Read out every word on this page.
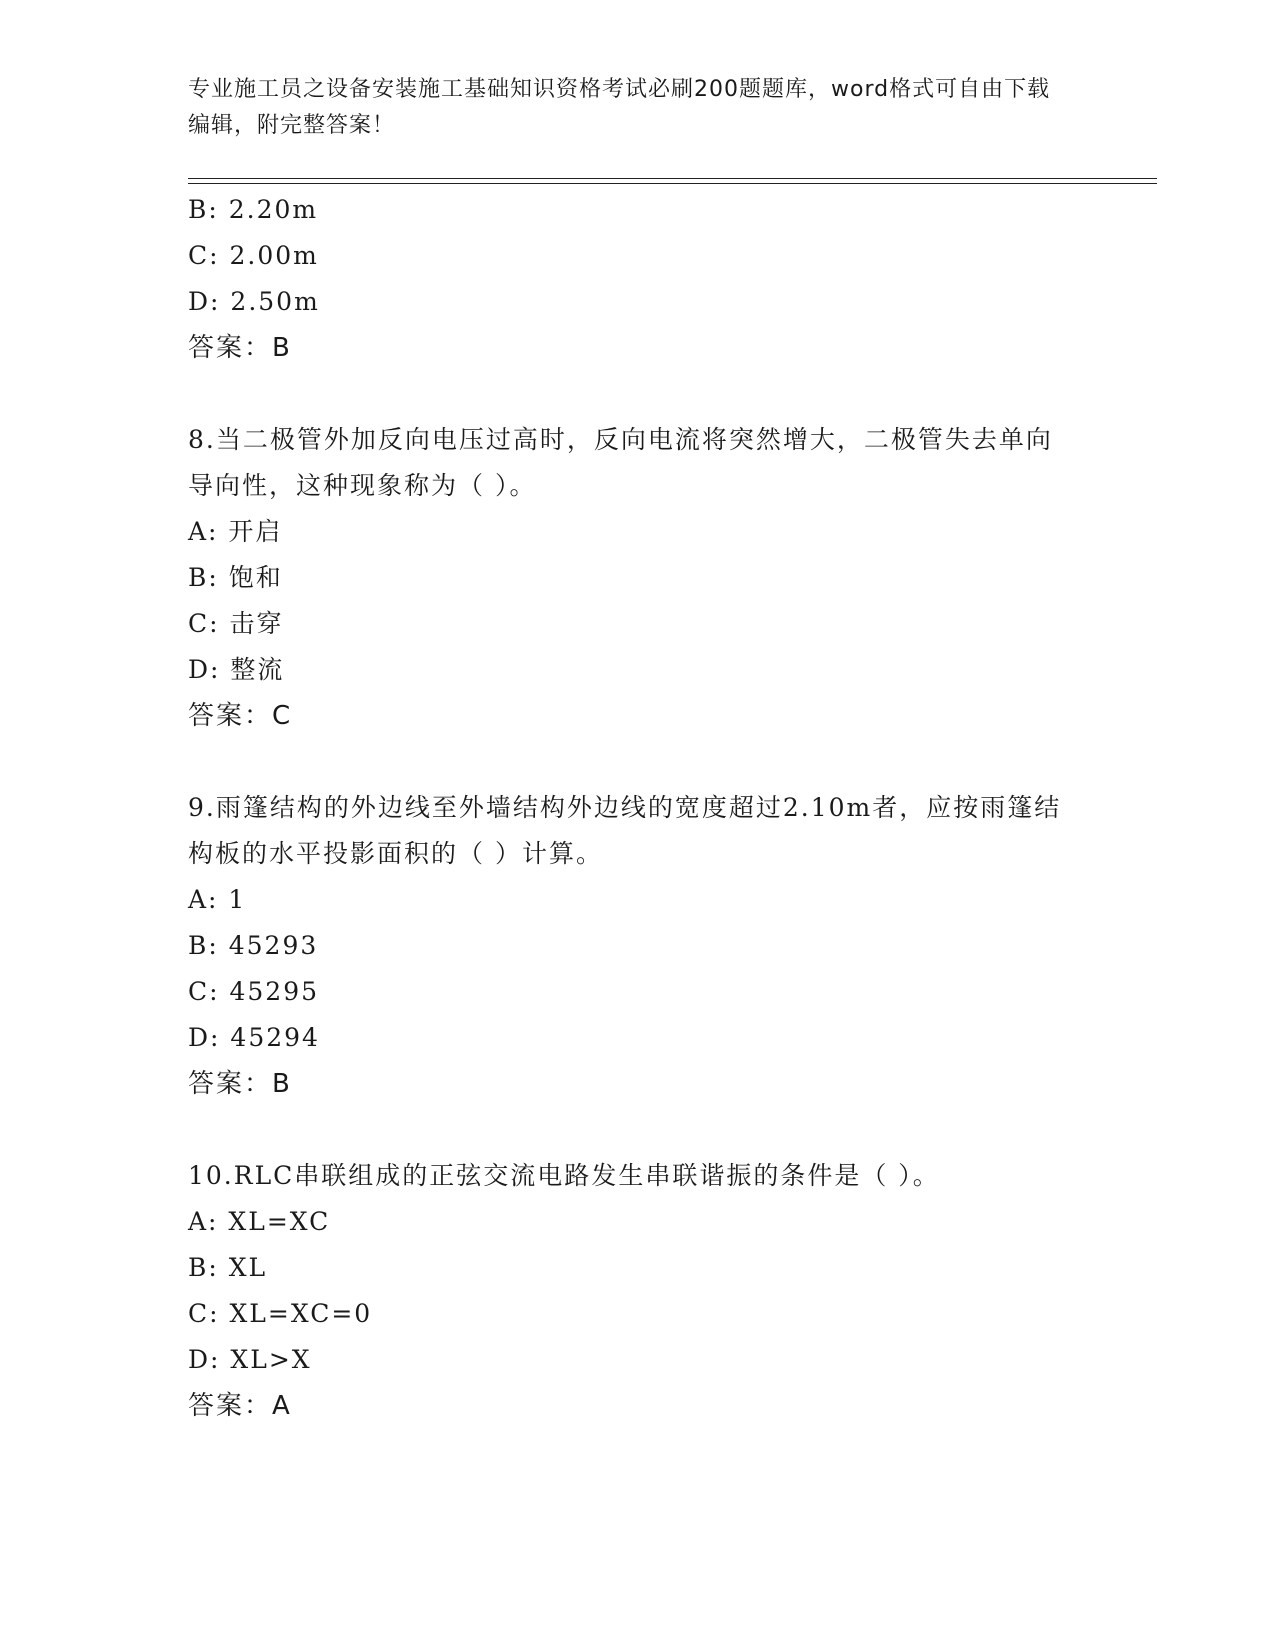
专业施工员之设备安装施工基础知识资格考试必刷200题题库，word格式可自由下载编辑，附完整答案！
B: 2.20m
C: 2.00m
D: 2.50m
答案：B
8.当二极管外加反向电压过高时，反向电流将突然增大，二极管失去单向导向性，这种现象称为（ ）。
A: 开启
B: 饱和
C: 击穿
D: 整流
答案：C
9.雨篷结构的外边线至外墙结构外边线的宽度超过2.10m者，应按雨篷结构板的水平投影面积的（ ）计算。
A: 1
B: 45293
C: 45295
D: 45294
答案：B
10.RLC串联组成的正弦交流电路发生串联谐振的条件是（ ）。
A: XL=XC
B: XL
C: XL=XC=0
D: XL>X
答案：A
